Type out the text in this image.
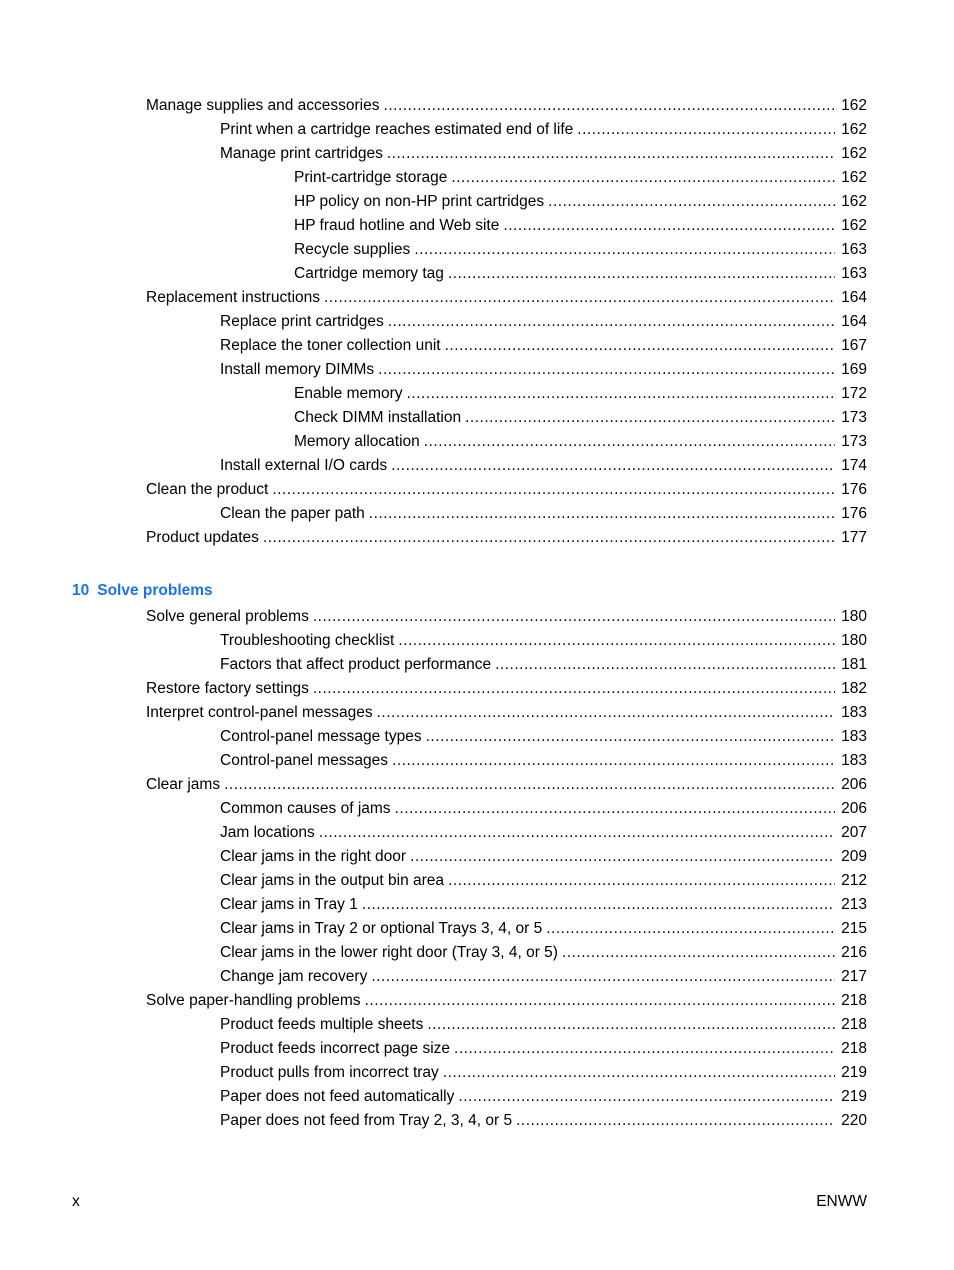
Manage supplies and accessories . . .	162
Print when a cartridge reaches estimated end of life . . .	162
Manage print cartridges . . .	162
Print-cartridge storage . . .	162
HP policy on non-HP print cartridges . . .	162
HP fraud hotline and Web site . . .	162
Recycle supplies . . .	163
Cartridge memory tag . . .	163
Replacement instructions . . .	164
Replace print cartridges . . .	164
Replace the toner collection unit . . .	167
Install memory DIMMs . . .	169
Enable memory . . .	172
Check DIMM installation . . .	173
Memory allocation . . .	173
Install external I/O cards . . .	174
Clean the product . . .	176
Clean the paper path . . .	176
Product updates . . .	177
10 Solve problems
Solve general problems . . .	180
Troubleshooting checklist . . .	180
Factors that affect product performance . . .	181
Restore factory settings . . .	182
Interpret control-panel messages . . .	183
Control-panel message types . . .	183
Control-panel messages . . .	183
Clear jams . . .	206
Common causes of jams . . .	206
Jam locations . . .	207
Clear jams in the right door . . .	209
Clear jams in the output bin area . . .	212
Clear jams in Tray 1 . . .	213
Clear jams in Tray 2 or optional Trays 3, 4, or 5 . . .	215
Clear jams in the lower right door (Tray 3, 4, or 5) . . .	216
Change jam recovery . . .	217
Solve paper-handling problems . . .	218
Product feeds multiple sheets . . .	218
Product feeds incorrect page size . . .	218
Product pulls from incorrect tray . . .	219
Paper does not feed automatically . . .	219
Paper does not feed from Tray 2, 3, 4, or 5 . . .	220
x	ENWW
